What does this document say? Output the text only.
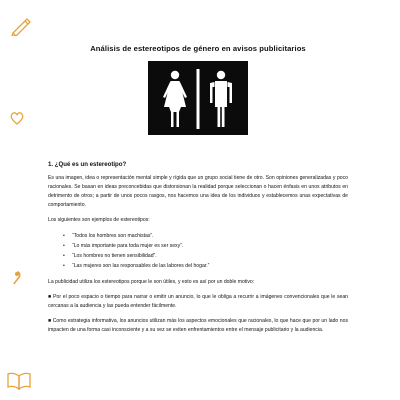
Análisis de estereotipos de género en avisos publicitarios
1. ¿Qué es un estereotipo?

Es una imagen, idea o representación mental simple y rígida que un grupo social tiene de otro. Son opiniones generalizadas y poco racionales. Se basan en ideas preconcebidas que distorsionan la realidad porque seleccionan o hacen énfasis en unos atributos en detrimento de otros; a partir de unos pocos rasgos, nos hacemos una idea de los individuos y establecemos unas expectativas de comportamiento.

Los siguientes son ejemplos de estereotipos:

• “Todos los hombres son machistas”.
• “Lo más importante para toda mujer es ser sexy”.
• “Los hombres no tienen sensibilidad”.
• “Las mujeres son las responsables de las labores del hogar.”

La publicidad utiliza los estereotipos porque le son útiles, y esto es así por un doble motivo:

■ Por el poco espacio o tiempo para narrar o emitir un anuncio, lo que le obliga a recurrir a imágenes convencionales que le sean cercanas a la audiencia y las pueda entender fácilmente.

■ Como estrategia informativa, los anuncios utilizan más los aspectos emocionales que racionales, lo que hace que por un lado nos impacten de una forma casi inconsciente y a su vez se eviten enfrentamientos entre el mensaje publicitario y la audiencia.
